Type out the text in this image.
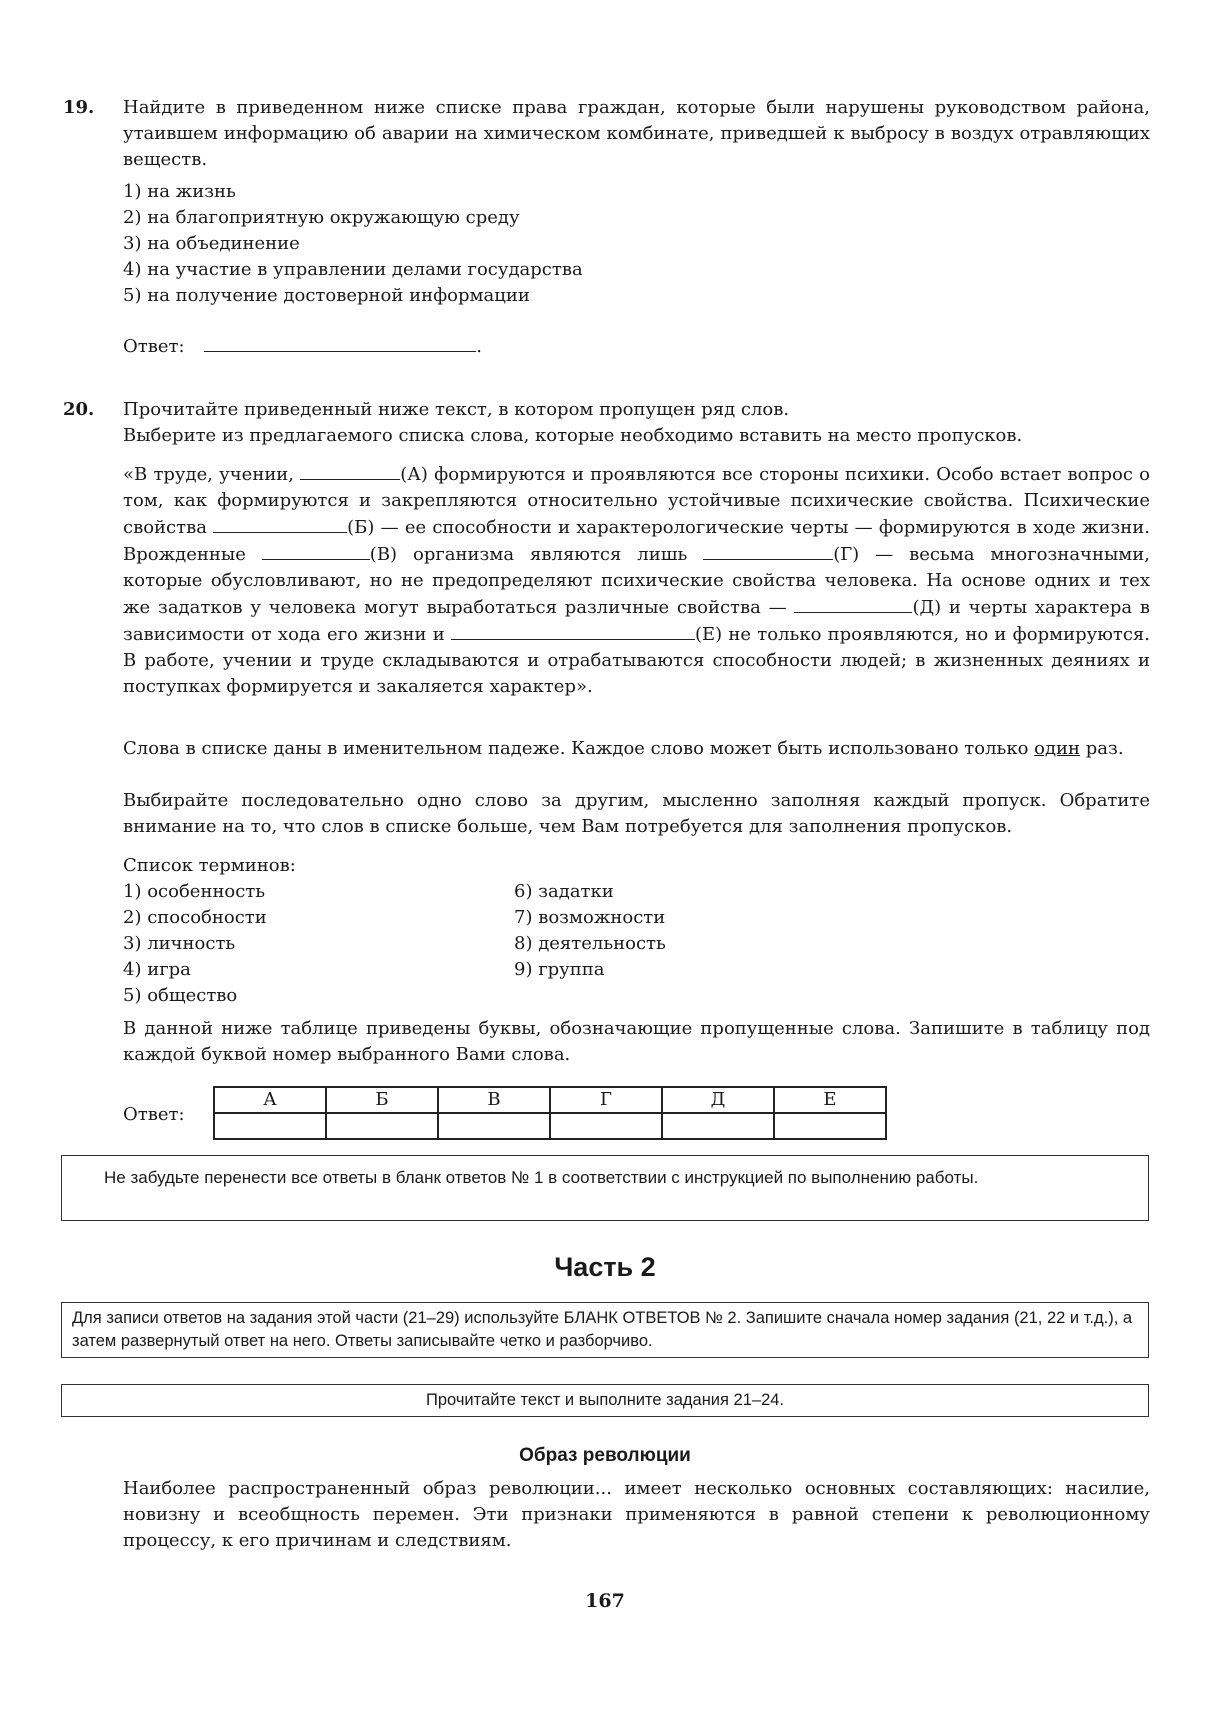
19. Найдите в приведенном ниже списке права граждан, которые были нарушены руководством района, утаившем информацию об аварии на химическом комбинате, приведшей к выбросу в воздух отравляющих веществ.
1) на жизнь
2) на благоприятную окружающую среду
3) на объединение
4) на участие в управлении делами государства
5) на получение достоверной информации
Ответ:	.
20. Прочитайте приведенный ниже текст, в котором пропущен ряд слов.
Выберите из предлагаемого списка слова, которые необходимо вставить на место пропусков.
«В труде, учении,	(А) формируются и проявляются все стороны психики. Особо встает вопрос о том, как формируются и закрепляются относительно устойчивые психические свойства. Психические свойства	(Б) — ее способности и характерологические черты — формируются в ходе жизни. Врожденные	(В) организма являются лишь	(Г) — весьма многозначными, которые обусловливают, но не предопределяют психические свойства человека. На основе одних и тех же задатков у человека могут выработаться различные свойства —	(Д) и черты характера в зависимости от хода его жизни и	(Е) не только проявляются, но и формируются. В работе, учении и труде складываются и отрабатываются способности людей; в жизненных деяниях и поступках формируется и закаляется характер».
Слова в списке даны в именительном падеже. Каждое слово может быть использовано только один раз.
Выбирайте последовательно одно слово за другим, мысленно заполняя каждый пропуск. Обратите внимание на то, что слов в списке больше, чем Вам потребуется для заполнения пропусков.
Список терминов:
1) особенность
2) способности
3) личность
4) игра
5) общество
6) задатки
7) возможности
8) деятельность
9) группа
В данной ниже таблице приведены буквы, обозначающие пропущенные слова. Запишите в таблицу под каждой буквой номер выбранного Вами слова.
Ответ:
А	Б	В	Г	Д	Е

Не забудьте перенести все ответы в бланк ответов № 1 в соответствии с инструкцией по выполнению работы.
Часть 2
Для записи ответов на задания этой части (21–29) используйте БЛАНК ОТВЕТОВ № 2. Запишите сначала номер задания (21, 22 и т.д.), а затем развернутый ответ на него. Ответы записывайте четко и разборчиво.
Прочитайте текст и выполните задания 21–24.
Образ революции
Наиболее распространенный образ революции... имеет несколько основных составляющих: насилие, новизну и всеобщность перемен. Эти признаки применяются в равной степени к революционному процессу, к его причинам и следствиям.
167
